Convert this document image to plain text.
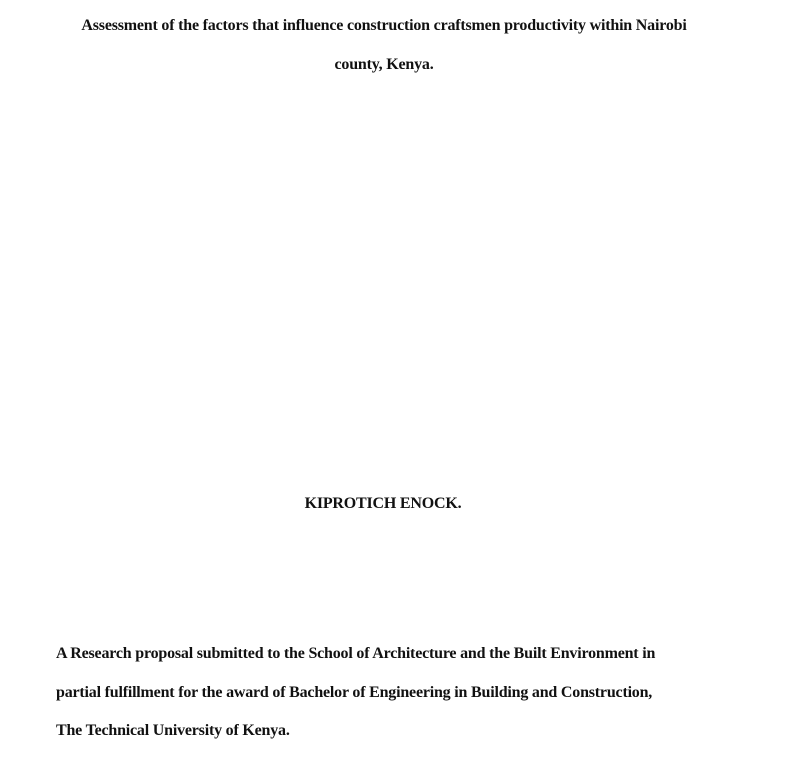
Assessment of the factors that influence construction craftsmen productivity within Nairobi
county, Kenya.

KIPROTICH ENOCK.

A Research proposal submitted to the School of Architecture and the Built Environment in
partial fulfillment for the award of Bachelor of Engineering in Building and Construction,
The Technical University of Kenya.
